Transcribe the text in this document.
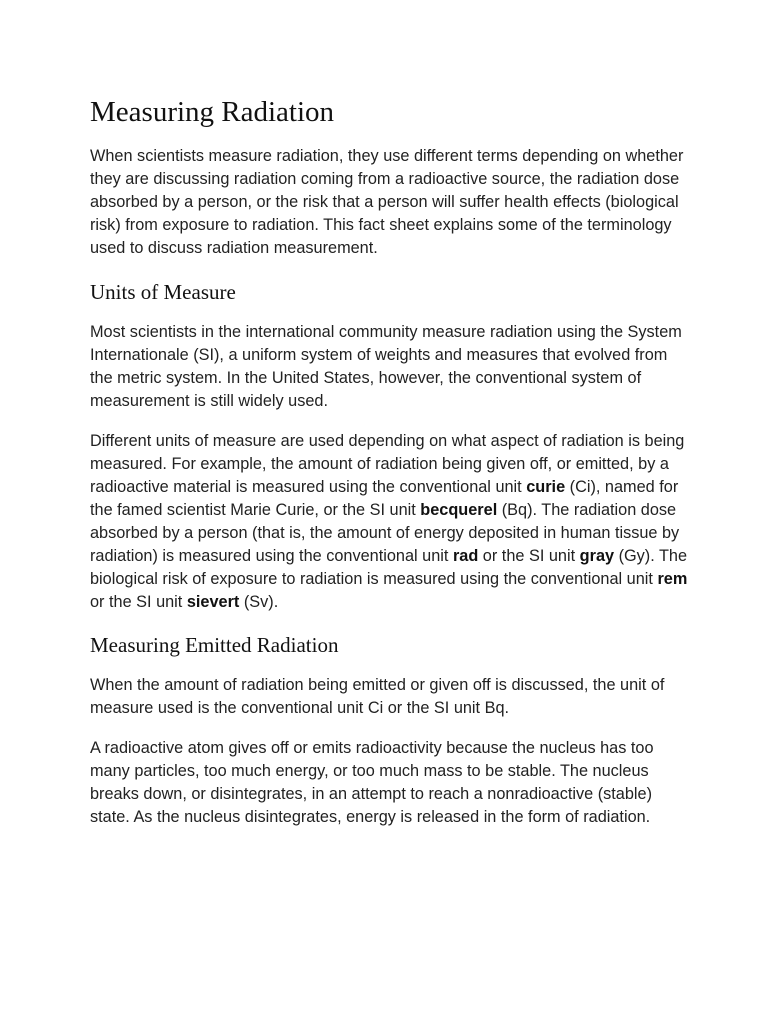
Measuring Radiation

When scientists measure radiation, they use different terms depending on whether they are discussing radiation coming from a radioactive source, the radiation dose absorbed by a person, or the risk that a person will suffer health effects (biological risk) from exposure to radiation. This fact sheet explains some of the terminology used to discuss radiation measurement.

Units of Measure

Most scientists in the international community measure radiation using the System Internationale (SI), a uniform system of weights and measures that evolved from the metric system. In the United States, however, the conventional system of measurement is still widely used.

Different units of measure are used depending on what aspect of radiation is being measured. For example, the amount of radiation being given off, or emitted, by a radioactive material is measured using the conventional unit curie (Ci), named for the famed scientist Marie Curie, or the SI unit becquerel (Bq). The radiation dose absorbed by a person (that is, the amount of energy deposited in human tissue by radiation) is measured using the conventional unit rad or the SI unit gray (Gy). The biological risk of exposure to radiation is measured using the conventional unit rem or the SI unit sievert (Sv).

Measuring Emitted Radiation

When the amount of radiation being emitted or given off is discussed, the unit of measure used is the conventional unit Ci or the SI unit Bq.

A radioactive atom gives off or emits radioactivity because the nucleus has too many particles, too much energy, or too much mass to be stable. The nucleus breaks down, or disintegrates, in an attempt to reach a nonradioactive (stable) state. As the nucleus disintegrates, energy is released in the form of radiation.
